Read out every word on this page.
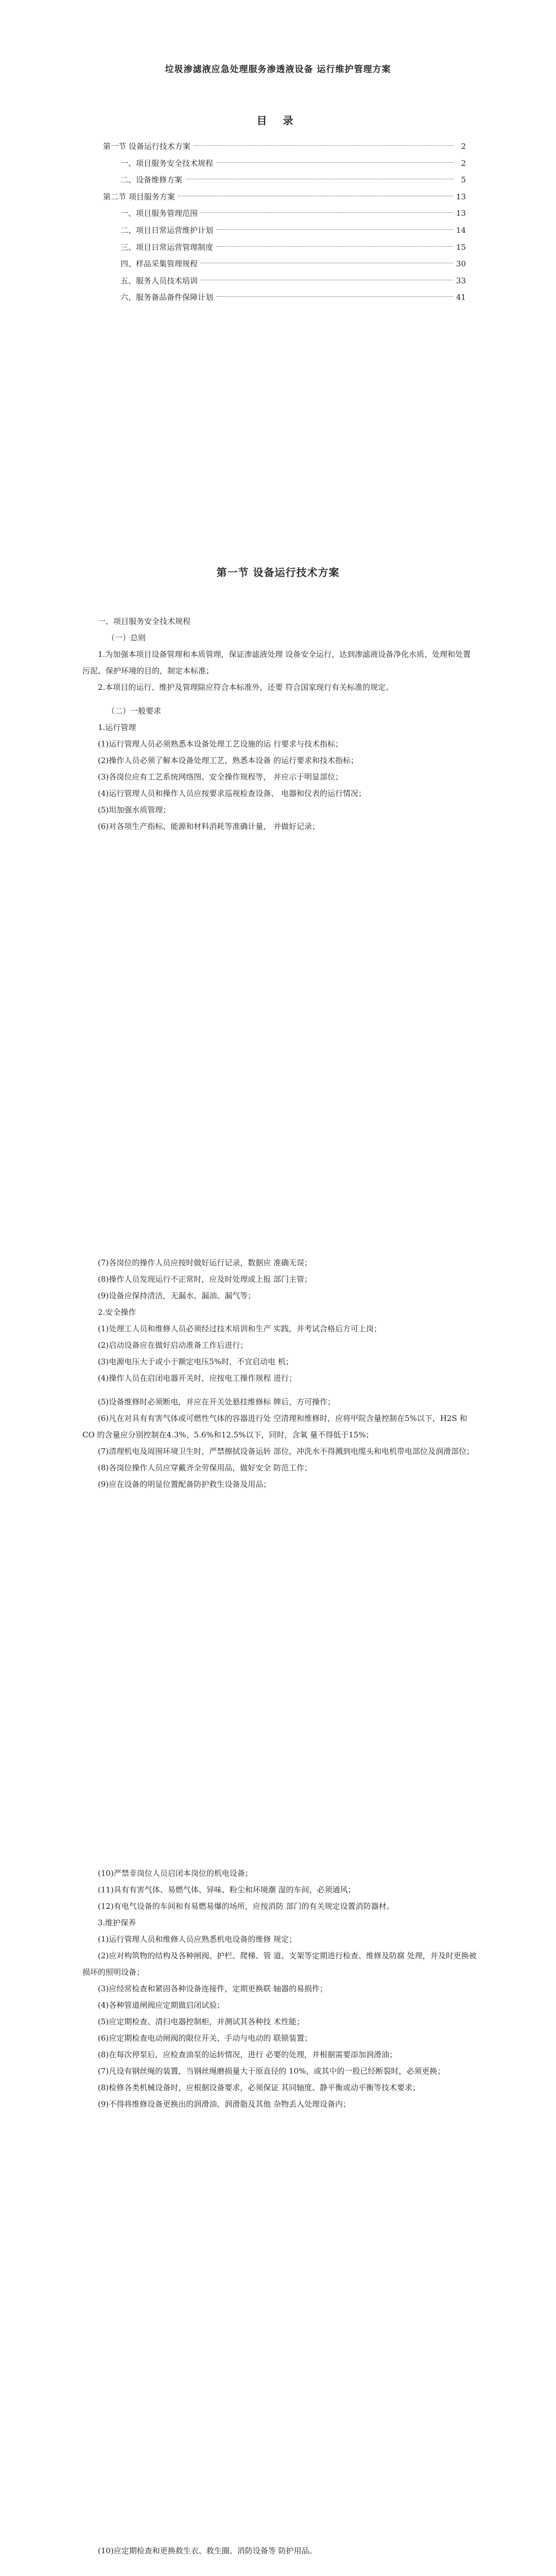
垃圾渗滤液应急处理服务渗透液设备 运行维护管理方案
目 录
第一节 设备运行技术方案	2
一、项目服务安全技术规程	2
二、设备维修方案	5
第二节 项目服务方案	13
一、项目服务管理范围	13
二、项目日常运营维护计划	14
三、项目日常运营管理制度	15
四、样品采集管理规程	30
五、服务人员技术培训	33
六、服务备品备件保障计划	41
第一节 设备运行技术方案

一、项目服务安全技术规程

（一）总则

1.为加强本项目设备管理和本质管理，保证渗滤液处理 设备安全运行，达到渗滤液设备净化水质、处理和处置 污泥、保护环境的目的，制定本标准；

2.本项目的运行、维护及管理除应符合本标准外，还要 符合国家现行有关标准的规定。

（二）一般要求

1.运行管理

(1)运行管理人员必须熟悉本设备处理工艺设施的运 行要求与技术指标；

(2)操作人员必须了解本设备处理工艺，熟悉本设备 的运行要求和技术指标；

(3)各岗位应有工艺系统网络图、安全操作规程等， 并应示于明显部位；

(4)运行管理人员和操作人员应按要求巡视检查设备、 电器和仪表的运行情况；

(5)坦加强水质管理；

(6)对各项生产指标、能源和材料消耗等准确计量， 并做好记录；

(7)各岗位的操作人员应按时做好运行记录，数据应 准确无误；

(8)操作人员发现运行不正常时，应及时处理或上报 部门主管；

(9)设备应保持清洁，无漏水、漏油、漏气等；

2.安全操作

(1)处理工人员和维修人员必须经过技术培训和生产 实践，并考试合格后方可上岗；

(2)启动设备应在做好启动准备工作后进行；

(3)电源电压大于或小于额定电压5%时，不宜启动电 机；

(4)操作人员在启闭电器开关时，应按电工操作规程 进行；

(5)设备维修时必须断电，并应在开关处悬挂维修标 牌后，方可操作；

(6)凡在对具有有害气体或可燃性气体的容器进行处 空清理和维修时，应将甲院含量控制在5%以下，H2S 和 CO 的含量应分别控制在4.3%、5.6%和12.5%以下，同时，含氧 量不得低于15%；

(7)清理机电及周围环境卫生时，严禁擦拭设备运转 部位，冲洗水不得溅到电缆头和电机带电部位及润滑部位；

(8)各岗位操作人员应穿戴齐全劳保用品，做好安全 防范工作；

(9)应在设备的明显位置配备防护救生设备及用品；

(10)严禁非岗位人员启闭本岗位的机电设备；

(11)具有有害气体、易燃气体、异味、粉尘和环境潮 湿的车间，必须通风；

(12)有电气设备的车间和有易燃易爆的场所，应按消防 部门的有关规定设置消防器材。

3.维护保养

(1)运行管理人员和维修人员应熟悉机电设备的维修 规定；

(2)应对构筑物的结构及各种闸阀、护栏、爬梯、管 道、支架等定期进行检查、维修及防腐 处理，并及时更换被损坏的照明设备；

(3)应经常检查和紧固各种设备连接件，定期更换联 轴器的易损件；

(4)各种管道闸阀应定期做启闭试验；

(5)应定期检查、清扫电器控制柜，并测试其各种技 术性能；

(6)应定期检查电动闸阀的限位开关、手动与电动的 联锁装置；

(8)在每次停泵后，应检查油泵的运转情况，进行 必要的处理，并根据需要添加润滑油；

(7)凡设有钢丝绳的装置，当钢丝绳磨损量大于原直径的 10%，或其中的一股已经断裂时，必须更换；

(8)检修各类机械设备时，应根据设备要求，必须保证 其同轴度、静平衡或动平衡等技术要求；

(9)不得将维修设备更换出的润滑油、润滑脂及其他 杂物丢入处理设备内；

(10)应定期检查和更换救生衣、救生圈、消防设备等 防护用品。
